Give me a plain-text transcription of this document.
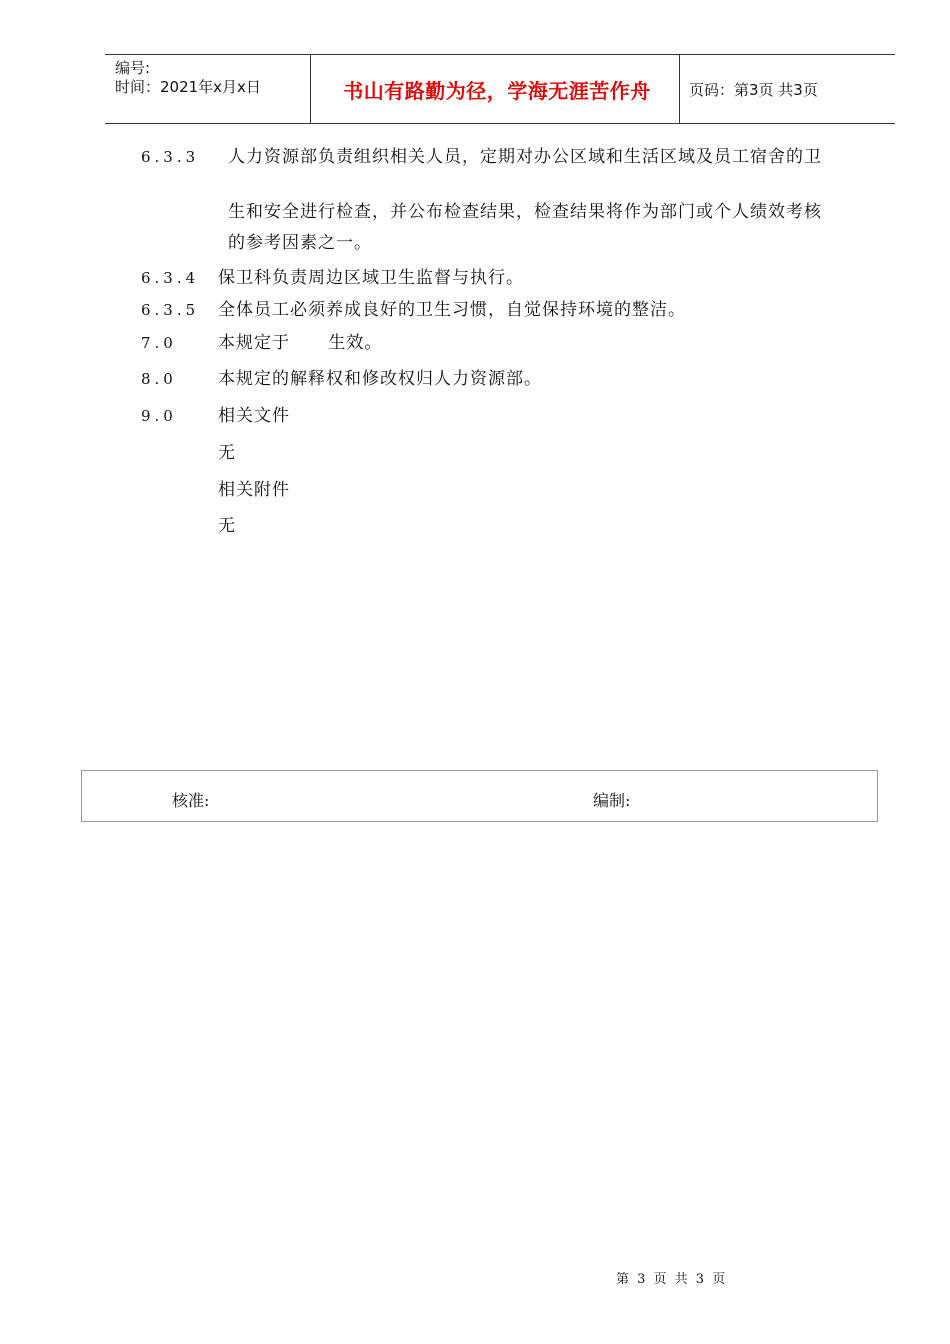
编号:
时间：2021年x月x日	书山有路勤为径，学海无涯苦作舟	页码：第3页 共3页
6.3.3 人力资源部负责组织相关人员，定期对办公区域和生活区域及员工宿舍的卫
生和安全进行检查，并公布检查结果，检查结果将作为部门或个人绩效考核
的参考因素之一。
6.3.4 保卫科负责周边区域卫生监督与执行。
6.3.5 全体员工必须养成良好的卫生习惯，自觉保持环境的整洁。
7.0 本规定于      生效。
8.0 本规定的解释权和修改权归人力资源部。
9.0 相关文件
无
相关附件
无
核准:	编制:
第 3 页 共 3 页
